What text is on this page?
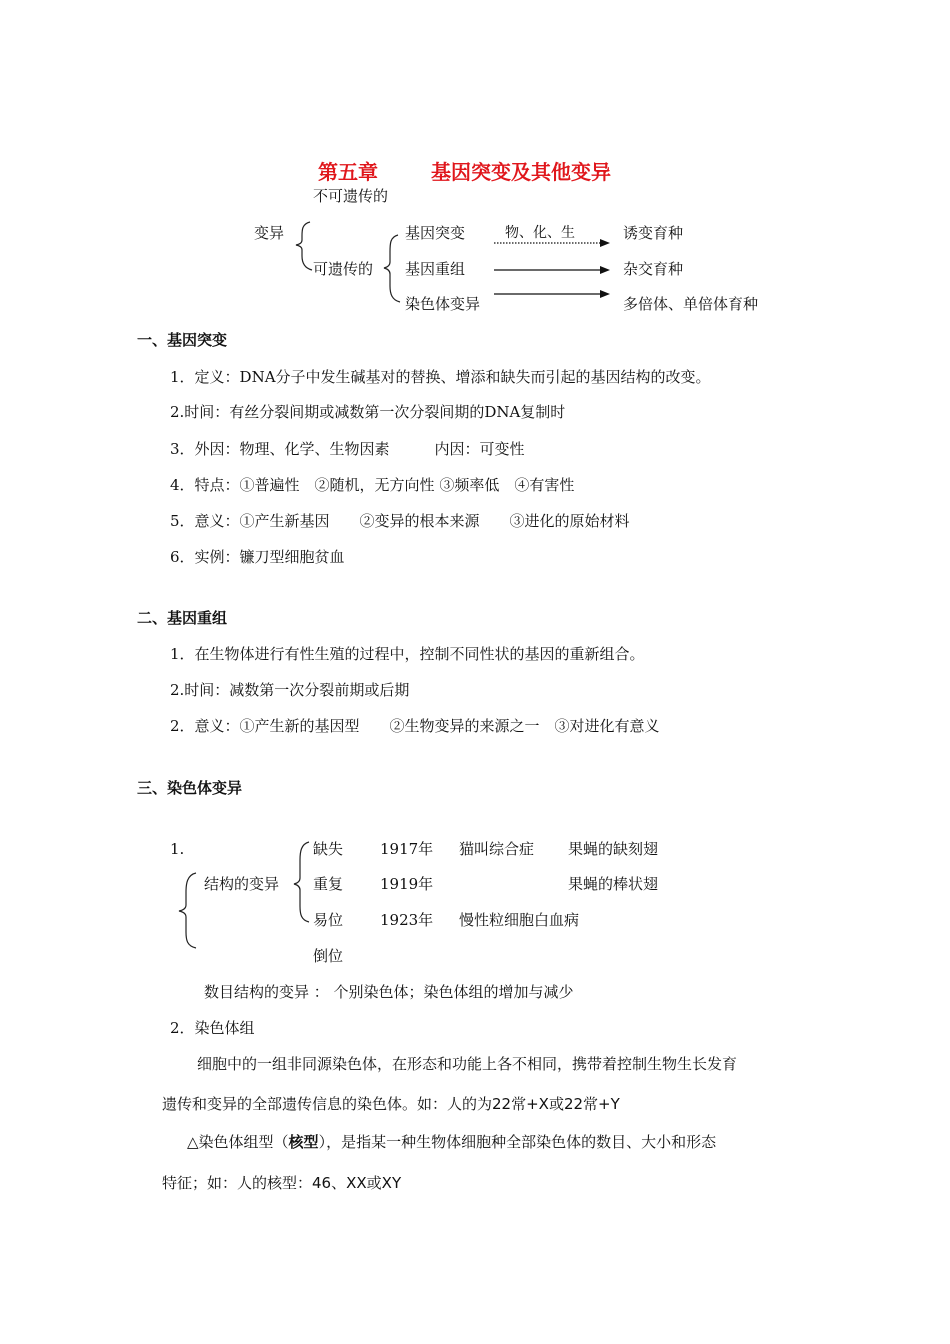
第五章	基因突变及其他变异
不可遗传的
变异
可遗传的
基因突变
基因重组
染色体变异
物、化、生	诱变育种
杂交育种
多倍体、单倍体育种
一、基因突变
1．定义：DNA分子中发生碱基对的替换、增添和缺失而引起的基因结构的改变。
2.时间：有丝分裂间期或减数第一次分裂间期的DNA复制时
3．外因：物理、化学、生物因素　　　内因：可变性
4．特点：①普遍性　②随机，无方向性 ③频率低　④有害性
5．意义：①产生新基因　　②变异的根本来源　　③进化的原始材料
6．实例：镰刀型细胞贫血
二、基因重组
1．在生物体进行有性生殖的过程中，控制不同性状的基因的重新组合。
2.时间：减数第一次分裂前期或后期
2．意义：①产生新的基因型　　②生物变异的来源之一　③对进化有意义
三、染色体变异
1.
结构的变异
缺失
重复
易位
倒位
1917年
1919年
1923年
猫叫综合症
慢性粒细胞白血病
果蝇的缺刻翅
果蝇的棒状翅
数目结构的变异 ： 个别染色体；染色体组的增加与减少
2．染色体组
细胞中的一组非同源染色体，在形态和功能上各不相同，携带着控制生物生长发育
遗传和变异的全部遗传信息的染色体。如：人的为22常+X或22常+Y
△染色体组型（核型），是指某一种生物体细胞种全部染色体的数目、大小和形态
特征；如：人的核型：46、XX或XY
